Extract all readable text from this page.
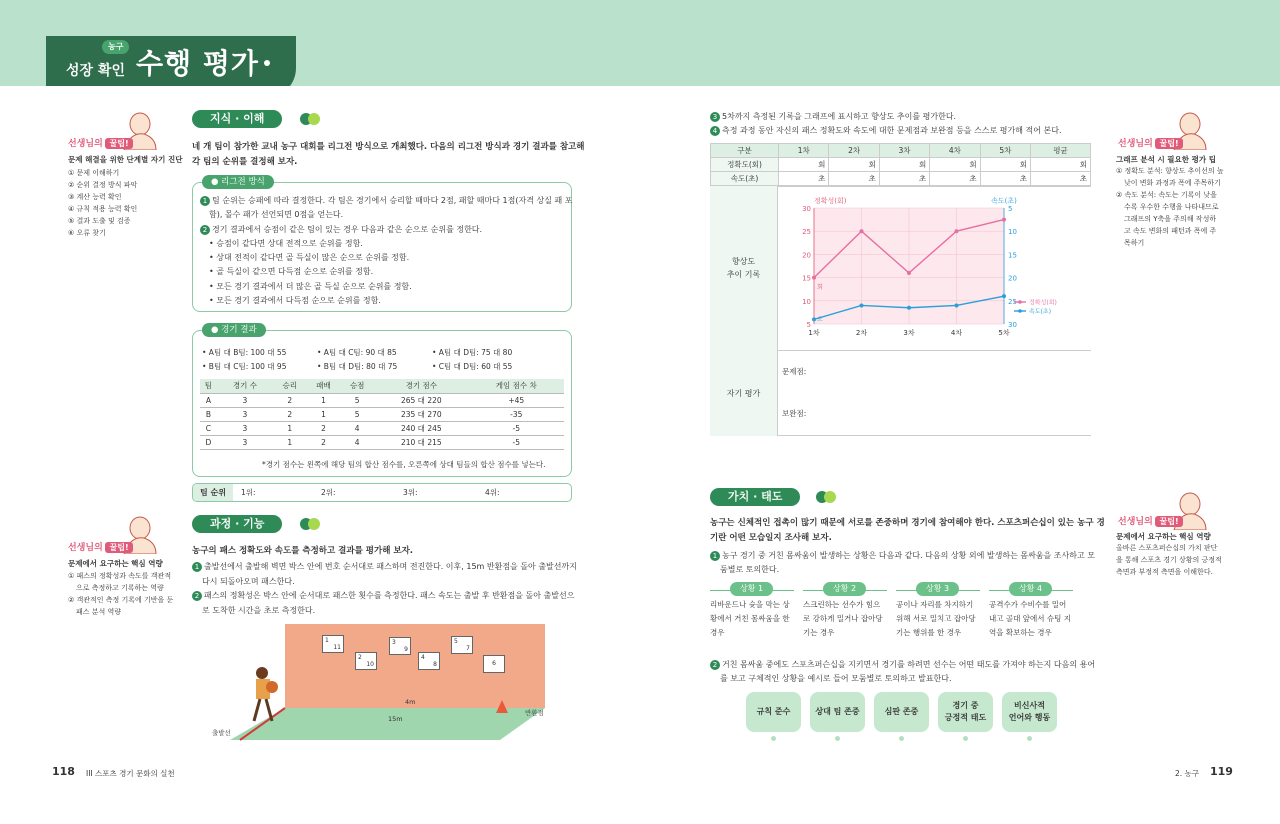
농구
성장 확인 수행 평가
선생님의 꿀팁!
문제 해결을 위한 단계별 자기 진단
① 문제 이해하기
② 순위 결정 방식 파악
③ 계산 능력 확인
④ 규칙 적용 능력 확인
⑤ 결과 도출 및 검증
⑥ 오류 찾기
지식 · 이해
네 개 팀이 참가한 교내 농구 대회를 리그전 방식으로 개최했다. 다음의 리그전 방식과 경기 결과를 참고해
각 팀의 순위를 결정해 보자.
● 리그전 방식
1 팀 순위는 승패에 따라 결정한다. 각 팀은 경기에서 승리할 때마다 2점, 패할 때마다 1점(자격 상실 패 포
함), 몰수 패가 선언되면 0점을 얻는다.
2 경기 결과에서 승점이 같은 팀이 있는 경우 다음과 같은 순으로 순위를 정한다.
• 승점이 같다면 상대 전적으로 순위를 정함.
• 상대 전적이 같다면 골 득실이 많은 순으로 순위를 정함.
• 골 득실이 같으면 다득점 순으로 순위를 정함.
• 모든 경기 결과에서 더 많은 골 득실 순으로 순위를 정함.
• 모든 경기 결과에서 다득점 순으로 순위를 정함.
● 경기 결과
• A팀 대 B팀: 100 대 55	• A팀 대 C팀: 90 대 85	• A팀 대 D팀: 75 대 80
• B팀 대 C팀: 100 대 95	• B팀 대 D팀: 80 대 75	• C팀 대 D팀: 60 대 55
팀	경기 수	승리	패배	승점	경기 점수	게임 점수 차
A	3	2	1	5	265 대 220	+45
B	3	2	1	5	235 대 270	-35
C	3	1	2	4	240 대 245	-5
D	3	1	2	4	210 대 215	-5
*경기 점수는 왼쪽에 해당 팀의 합산 점수를, 오른쪽에 상대 팀들의 합산 점수를 넣는다.
팀 순위	1위:	2위:	3위:	4위:
선생님의 꿀팁!
문제에서 요구하는 핵심 역량
① 패스의 정확성과 속도를 객관적
으로 측정하고 기록하는 역량
② 객관적인 측정 기록에 기반을 둔
패스 분석 역량
과정 · 기능
농구의 패스 정확도와 속도를 측정하고 결과를 평가해 보자.
1 출발선에서 출발해 벽면 박스 안에 번호 순서대로 패스하며 전진한다. 이후, 15m 반환점을 돌아 출발선까지
다시 되돌아오며 패스한다.
2 패스의 정확성은 박스 안에 순서대로 패스한 횟수를 측정한다. 패스 속도는 출발 후 반환점을 돌아 출발선으
로 도착한 시간을 초로 측정한다.
1
11
2
10
3
9
4
8
5
7
6
4m
15m
출발선
반환점
118 III 스포츠 경기 문화의 실천
3 5차까지 측정된 기록을 그래프에 표시하고 향상도 추이를 평가한다.
4 측정 과정 동안 자신의 패스 정확도와 속도에 대한 문제점과 보완점 등을 스스로 평가해 적어 본다.
구분	1차	2차	3차	4차	5차	평균
정확도(회)	회	회	회	회	회	회
속도(초)	초	초	초	초	초	초
향상도
추이 기록
자기 평가
문제점:
보완점:
30
25
20
15
10
5
5
10
15
20
25
30
1차	2차	3차	4차	5차
정확성(회)	속도(초)
회
초
정확성(회)
속도(초)
선생님의 꿀팁!
그래프 분석 시 필요한 평가 팁
① 정확도 분석: 향상도 추이선의 높
낮이 변화 과정과 폭에 주목하기
② 속도 분석: 속도는 기록이 낮을
수록 우수한 수행을 나타내므로
그래프의 Y축을 주의해 작성하
고 속도 변화의 패턴과 폭에 주
목하기
가치 · 태도
농구는 신체적인 접촉이 많기 때문에 서로를 존중하며 경기에 참여해야 한다. 스포츠퍼슨십이 있는 농구 경
기란 어떤 모습일지 조사해 보자.
1 농구 경기 중 거친 몸싸움이 발생하는 상황은 다음과 같다. 다음의 상황 외에 발생하는 몸싸움을 조사하고 모
둠별로 토의한다.
상황 1
리바운드나 슛을 막는 상
황에서 거친 몸싸움을 한
경우
상황 2
스크린하는 선수가 힘으
로 강하게 밀거나 잡아당
기는 경우
상황 3
공이나 자리를 차지하기
위해 서로 밀치고 잡아당
기는 행위를 한 경우
상황 4
공격수가 수비수를 밀어
내고 골대 앞에서 슈팅 지
역을 확보하는 경우
2 거친 몸싸움 중에도 스포츠퍼슨십을 지키면서 경기를 하려면 선수는 어떤 태도를 가져야 하는지 다음의 용어
를 보고 구체적인 상황을 예시로 들어 모둠별로 토의하고 발표한다.
규칙 준수	상대 팀 존중	심판 존중
경기 중
긍정적 태도
비신사적
언어와 행동
선생님의 꿀팁!
문제에서 요구하는 핵심 역량
올바른 스포츠퍼슨십의 가치 판단
을 통해 스포츠 경기 상황의 긍정적
측면과 부정적 측면을 이해한다.
2. 농구 119
